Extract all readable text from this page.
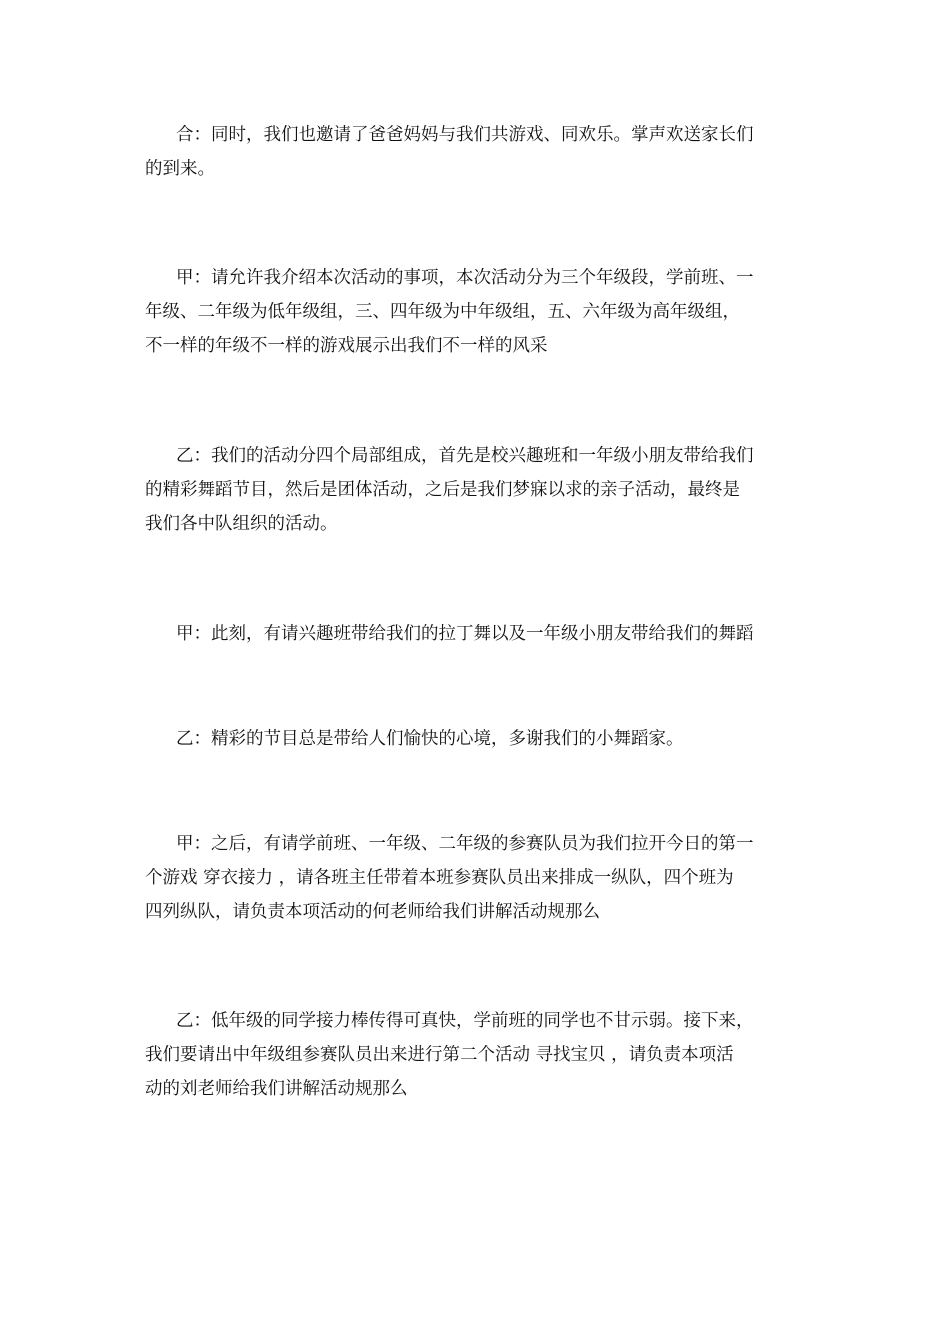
合：同时，我们也邀请了爸爸妈妈与我们共游戏、同欢乐。掌声欢送家长们
的到来。
甲：请允许我介绍本次活动的事项，本次活动分为三个年级段，学前班、一
年级、二年级为低年级组，三、四年级为中年级组，五、六年级为高年级组，
不一样的年级不一样的游戏展示出我们不一样的风采
乙：我们的活动分四个局部组成，首先是校兴趣班和一年级小朋友带给我们
的精彩舞蹈节目，然后是团体活动，之后是我们梦寐以求的亲子活动，最终是
我们各中队组织的活动。
甲：此刻，有请兴趣班带给我们的拉丁舞以及一年级小朋友带给我们的舞蹈
乙：精彩的节目总是带给人们愉快的心境，多谢我们的小舞蹈家。
甲：之后，有请学前班、一年级、二年级的参赛队员为我们拉开今日的第一
个游戏 穿衣接力 ，请各班主任带着本班参赛队员出来排成一纵队，四个班为
四列纵队，请负责本项活动的何老师给我们讲解活动规那么
乙：低年级的同学接力棒传得可真快，学前班的同学也不甘示弱。接下来，
我们要请出中年级组参赛队员出来进行第二个活动 寻找宝贝 ，请负责本项活
动的刘老师给我们讲解活动规那么
